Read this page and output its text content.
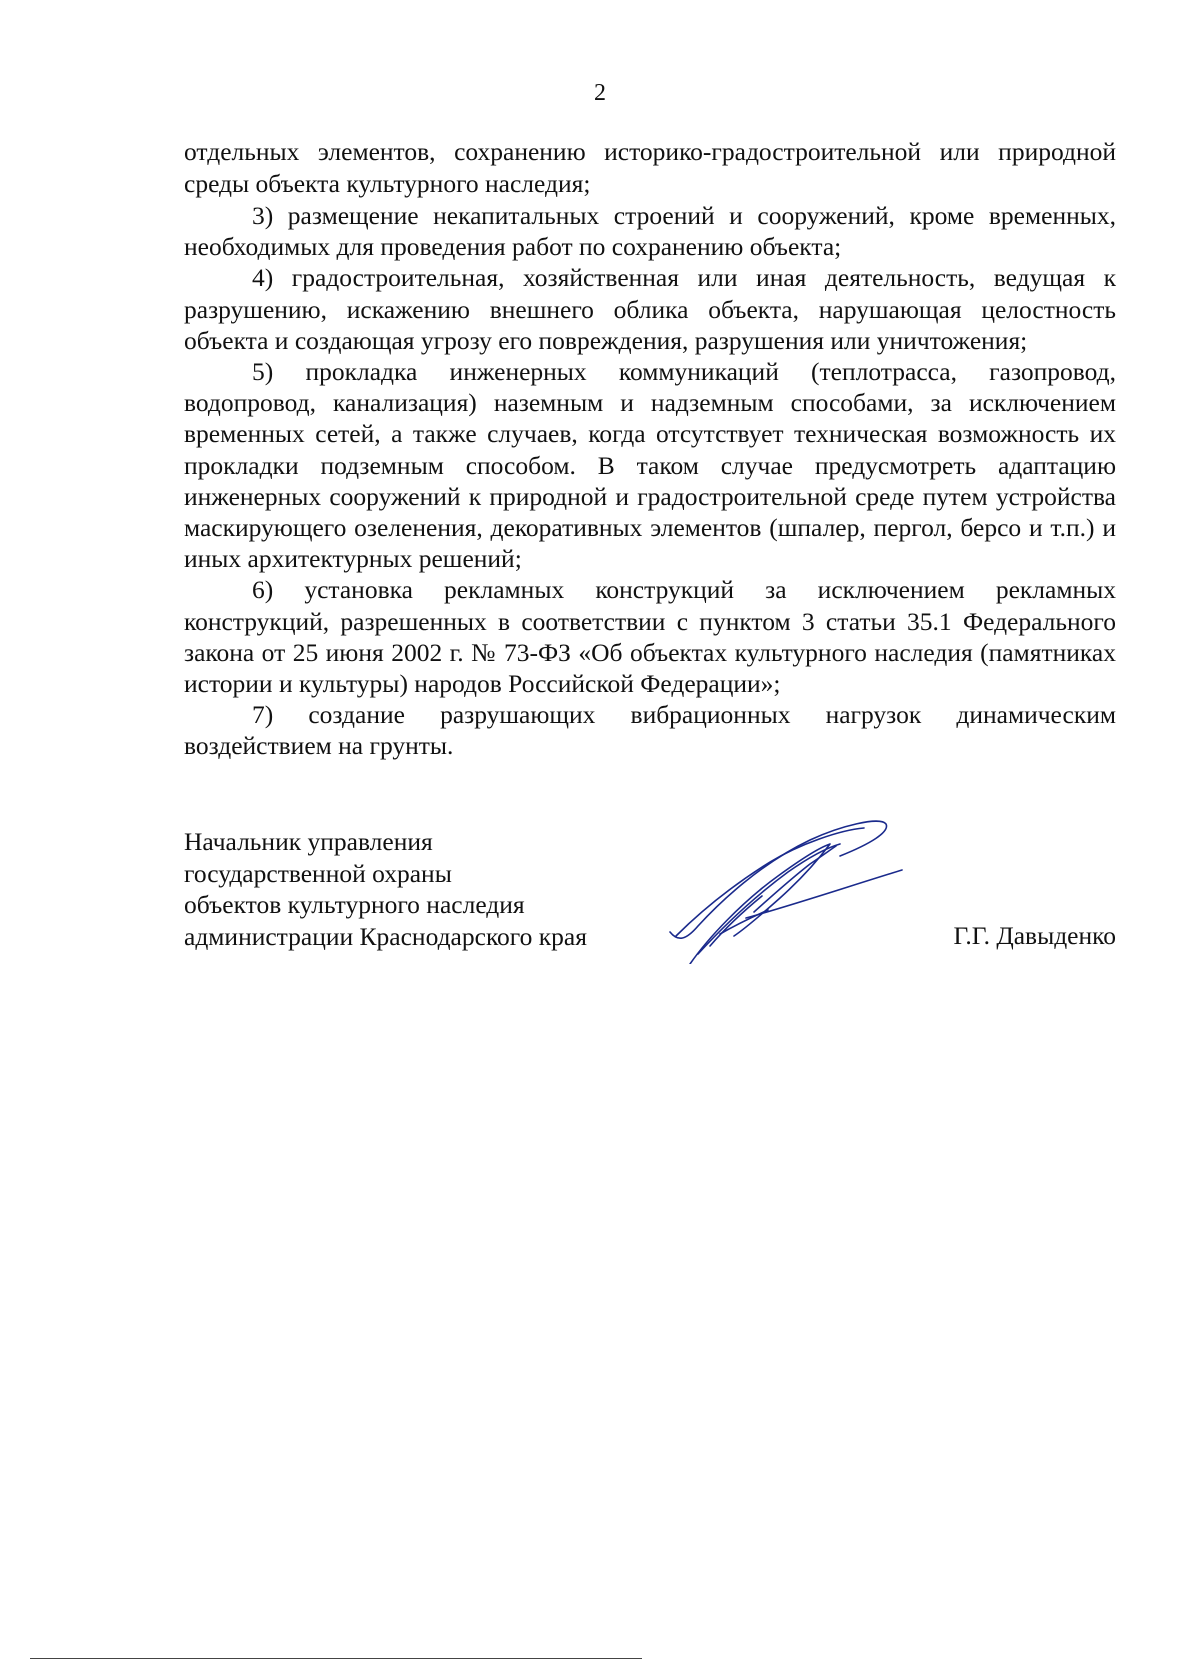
2

отдельных элементов, сохранению историко-градостроительной или природной среды объекта культурного наследия;

3) размещение некапитальных строений и сооружений, кроме временных, необходимых для проведения работ по сохранению объекта;

4) градостроительная, хозяйственная или иная деятельность, ведущая к разрушению, искажению внешнего облика объекта, нарушающая целостность объекта и создающая угрозу его повреждения, разрушения или уничтожения;

5) прокладка инженерных коммуникаций (теплотрасса, газопровод, водопровод, канализация) наземным и надземным способами, за исключением временных сетей, а также случаев, когда отсутствует техническая возможность их прокладки подземным способом. В таком случае предусмотреть адаптацию инженерных сооружений к природной и градостроительной среде путем устройства маскирующего озеленения, декоративных элементов (шпалер, пергол, берсо и т.п.) и иных архитектурных решений;

6) установка рекламных конструкций за исключением рекламных конструкций, разрешенных в соответствии с пунктом 3 статьи 35.1 Федерального закона от 25 июня 2002 г. № 73-ФЗ «Об объектах культурного наследия (памятниках истории и культуры) народов Российской Федерации»;

7) создание разрушающих вибрационных нагрузок динамическим воздействием на грунты.

Начальник управления
государственной охраны
объектов культурного наследия
администрации Краснодарского края	Г.Г. Давыденко
